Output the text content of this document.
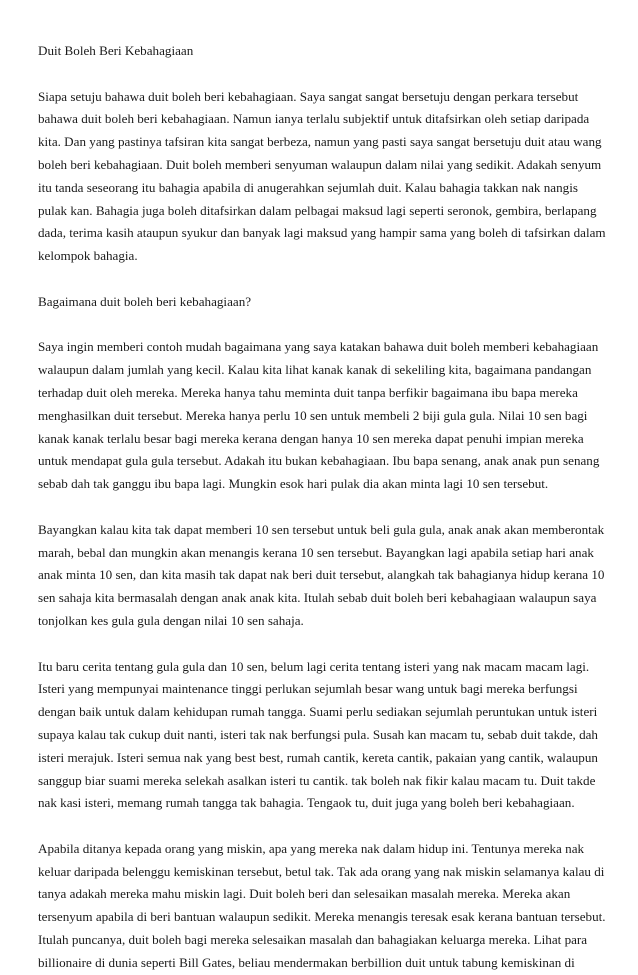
Duit Boleh Beri Kebahagiaan
Siapa setuju bahawa duit boleh beri kebahagiaan. Saya sangat sangat bersetuju dengan perkara tersebut
bahawa duit boleh beri kebahagiaan. Namun ianya terlalu subjektif untuk ditafsirkan oleh setiap daripada
kita. Dan yang pastinya tafsiran kita sangat berbeza, namun yang pasti saya sangat bersetuju duit atau wang
boleh beri kebahagiaan. Duit boleh memberi senyuman walaupun dalam nilai yang sedikit. Adakah senyum
itu tanda seseorang itu bahagia apabila di anugerahkan sejumlah duit. Kalau bahagia takkan nak nangis
pulak kan. Bahagia juga boleh ditafsirkan dalam pelbagai maksud lagi seperti seronok, gembira, berlapang
dada, terima kasih ataupun syukur dan banyak lagi maksud yang hampir sama yang boleh di tafsirkan dalam
kelompok bahagia.
Bagaimana duit boleh beri kebahagiaan?
Saya ingin memberi contoh mudah bagaimana yang saya katakan bahawa duit boleh memberi kebahagiaan
walaupun dalam jumlah yang kecil. Kalau kita lihat kanak kanak di sekeliling kita, bagaimana pandangan
terhadap duit oleh mereka. Mereka hanya tahu meminta duit tanpa berfikir bagaimana ibu bapa mereka
menghasilkan duit tersebut. Mereka hanya perlu 10 sen untuk membeli 2 biji gula gula. Nilai 10 sen bagi
kanak kanak terlalu besar bagi mereka kerana dengan hanya 10 sen mereka dapat penuhi impian mereka
untuk mendapat gula gula tersebut. Adakah itu bukan kebahagiaan. Ibu bapa senang, anak anak pun senang
sebab dah tak ganggu ibu bapa lagi. Mungkin esok hari pulak dia akan minta lagi 10 sen tersebut.
Bayangkan kalau kita tak dapat memberi 10 sen tersebut untuk beli gula gula, anak anak akan memberontak
marah, bebal dan mungkin akan menangis kerana 10 sen tersebut. Bayangkan lagi apabila setiap hari anak
anak minta 10 sen, dan kita masih tak dapat nak beri duit tersebut, alangkah tak bahagianya hidup kerana 10
sen sahaja kita bermasalah dengan anak anak kita. Itulah sebab duit boleh beri kebahagiaan walaupun saya
tonjolkan kes gula gula dengan nilai 10 sen sahaja.
Itu baru cerita tentang gula gula dan 10 sen, belum lagi cerita tentang isteri yang nak macam macam lagi.
Isteri yang mempunyai maintenance tinggi perlukan sejumlah besar wang untuk bagi mereka berfungsi
dengan baik untuk dalam kehidupan rumah tangga. Suami perlu sediakan sejumlah peruntukan untuk isteri
supaya kalau tak cukup duit nanti, isteri tak nak berfungsi pula. Susah kan macam tu, sebab duit takde, dah
isteri merajuk. Isteri semua nak yang best best, rumah cantik, kereta cantik, pakaian yang cantik, walaupun
sanggup biar suami mereka selekah asalkan isteri tu cantik. tak boleh nak fikir kalau macam tu. Duit takde
nak kasi isteri, memang rumah tangga tak bahagia. Tengaok tu, duit juga yang boleh beri kebahagiaan.
Apabila ditanya kepada orang yang miskin, apa yang mereka nak dalam hidup ini. Tentunya mereka nak
keluar daripada belenggu kemiskinan tersebut, betul tak. Tak ada orang yang nak miskin selamanya kalau di
tanya adakah mereka mahu miskin lagi. Duit boleh beri dan selesaikan masalah mereka. Mereka akan
tersenyum apabila di beri bantuan walaupun sedikit. Mereka menangis teresak esak kerana bantuan tersebut.
Itulah puncanya, duit boleh bagi mereka selesaikan masalah dan bahagiakan keluarga mereka. Lihat para
billionaire di dunia seperti Bill Gates, beliau mendermakan berbillion duit untuk tabung kemiskinan di
